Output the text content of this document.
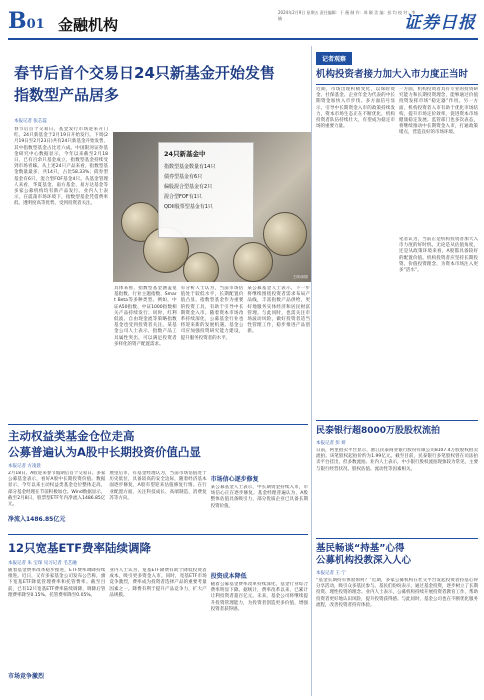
B01 金融机构
2024年2月9日 星期五 责任编辑：于 薇 制 作：周 颖 美 编：彭 均 校 对：李 楠	证券日报
春节后首个交易日24只新基金开始发售
指数型产品居多
本报记者 张芯蕊
春节后首个交易日，基金发行市场迎来开门红。24只新基金于2月19日开始发行。下周(2月19日至2月23日)共有24只新基金开始发售，其中指数型基金占比近六成。中国银河证券基金研究中心数据显示，今年以来截至2月18日，已有百余只基金成立，指数型基金持续受到市场青睐。从上述24只产品来看，指数型基金数量最多，共14只，占比58.33%；债券型基金有6只，混合型FOF基金4只。从基金管理人来看，华夏基金、南方基金、易方达基金等多家公募机构均有新产品发行。业内人士表示，在震荡市场环境下，指数型基金凭借费率低、透明度高等优势，受到投资者关注。
王琪/制图
24只新基金中
指数型基金数量有14只
债券型基金有6只
偏股混合型基金有2只
混合型FOF有1只
QDII股票型基金有1只
具体来看，指数型基金涵盖宽基指数、行业主题指数、Smart Beta等多种类型。例如，中证A50指数、中证1000指数相关产品持续发行；同时，红利低波、自由现金流等策略指数基金也受到投资者关注。某基金公司人士表示，指数产品工具属性突出，可以满足投资者多样化的资产配置需求。
有分析人士认为，当前市场估值处于较低水平，长期配置价值凸显。指数型基金作为重要的投资工具，有助于引导中长期资金入市。随着资本市场改革持续深化，公募基金行业也将迎来新的发展机遇。基金公司应加强投资研究能力建设，提升服务投资者的水平。
某公募基金人士表示，下一步将继续围绕投资者需求布局产品线，丰富指数产品供给，更好地服务实体经济和居民财富管理。与此同时，也需关注市场波动风险，做好投资者适当性管理工作，稳步推进产品创新。
记者观察
机构投资者接力加大入市力度正当时
近期，市场出现积极变化，以保险资金、社保基金、企业年金为代表的中长期资金加快入市步伐。多方面信号显示，引导中长期资金入市的政策持续发力，资本市场生态正在不断优化，机构投资者队伍持续壮大，有望成为稳定市场的重要力量。
一方面，机构投资者具有专业的投资研究能力和长期投资理念，能够通过价值投资发挥市场“稳定器”作用。另一方面，机构投资者入市有助于优化市场结构，提升市场定价效率，促进资本市场健康稳定发展。监管部门也多次表态，将继续推动中长期资金入市，打通政策堵点，营造良好的市场环境。
笔者认为，当前正是机构投资者加大入市力度的好时机。无论是从估值角度，还是从政策环境来看，A股都具备较好的配置价值。机构投资者应坚持长期投资、价值投资理念，为资本市场注入更多“活水”。
民泰银行超8000万股股权流拍
本报记者 彭 妍
日前，阿里拍卖平台显示，浙江民泰商业银行股份有限公司8107.4万股股权拍卖流拍。该笔股权起拍价约为1.99亿元。截至目前，民泰银行多笔股权曾在司法拍卖平台挂出，但多数流拍。业内人士表示，中小银行股权流拍现象较为常见，主要与银行经营状况、股权估值、流动性等因素相关。
基民畅谈“持基”心得
公募机构投教深入人心
本报记者 王 宁
“基金长期持有体验如何？”近期，多家公募机构在社交平台发起投资者持基心得分享活动，吸引众多基民参与。基民们纷纷表示，通过基金投资，逐步树立了长期投资、理性投资的理念。业内人士表示，公募机构持续开展投资者教育工作，帮助投资者更好地认识风险，提升投资获得感。与此同时，基金公司也在不断优化服务流程，改善投资者持有体验。
主动权益类基金仓位走高
公募普遍认为A股中长期投资价值凸显
本报记者 方凌晨
2月18日，A股迎来春节假期后首个交易日。多家公募基金表示，看好A股中长期投资价值。数据显示，今年以来主动权益类基金仓位整体走高，部分基金经理在节前积极加仓。Wind数据显示，截至2月8日，股票型ETF年内净流入1486.85亿元。
净流入1486.85亿元
展望后市，有基金经理认为，当前市场估值处于历史低位，具备较高的安全边际，随着经济基本面逐步修复，A股有望迎来估值修复行情。在行业配置方面，关注科技成长、高端制造、消费复苏等方向。
市场信心逐步修复
某公募基金人士表示，中长期资金持续入市，市场信心正在逐步修复。基金经理普遍认为，A股整体估值具备吸引力，部分优质企业已具备长期投资价值。
12只宽基ETF费率陆续调降
本报记者 朱 宝琛 见习记者 毛艺融
随着基金费率改革稳步推进，ETF费率调降持续推进。近日，又有多家基金公司发布公告称，旗下宽基ETF降低管理费率和托管费率。截至目前，已有12只宽基ETF费率陆续调降，调降后管理费率降至0.15%、托管费率降至0.05%。
市场竞争激烈
业内人士认为，宽基ETF降费有助于降低投资者成本，吸引更多资金入市。同时，宽基ETF市场竞争激烈，费率成为投资者选择产品的重要考量因素之一。降费有利于提升产品竞争力，扩大产品规模。
投资成本降低
随着公募基金费率改革持续深化，基金行业综合费率明显下降。据统计，费率改革以来，已累计让利投资者超百亿元。未来，基金公司将继续提升投资管理能力，为投资者创造更多价值，增强投资者获得感。
